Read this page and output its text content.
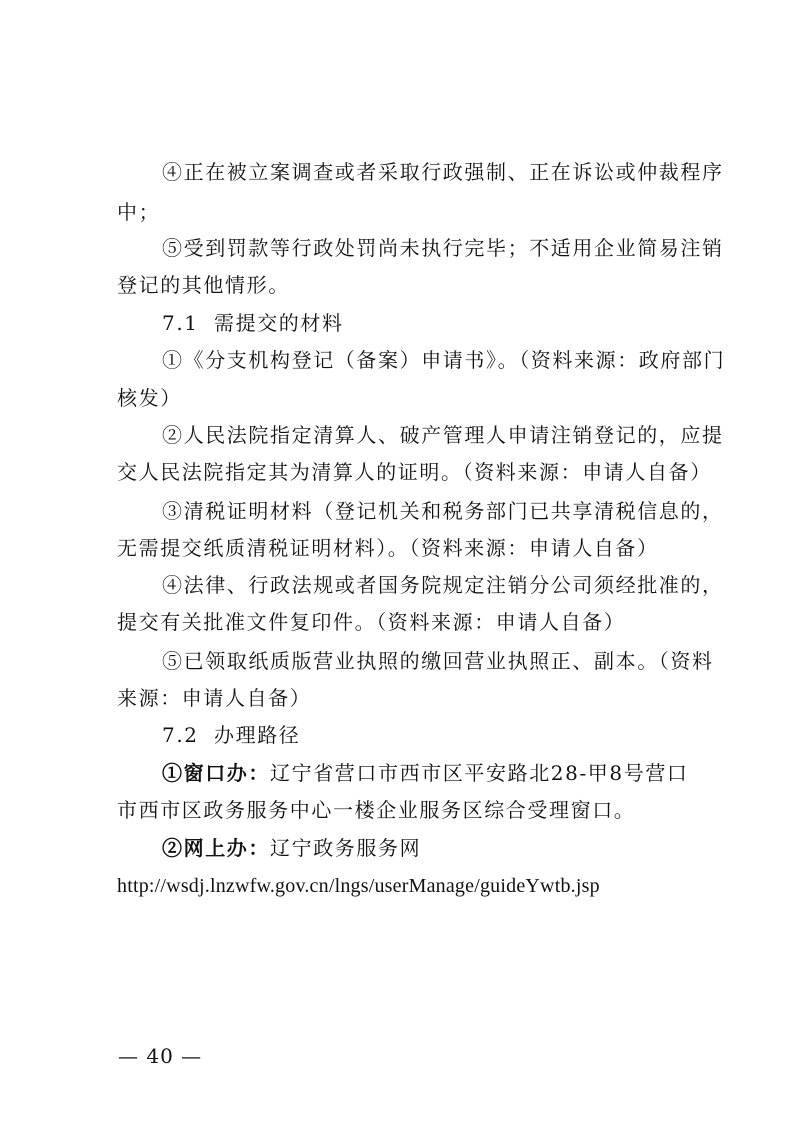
④正在被立案调查或者采取行政强制、正在诉讼或仲裁程序
中；
⑤受到罚款等行政处罚尚未执行完毕；不适用企业简易注销
登记的其他情形。
7.1 需提交的材料
①《分支机构登记（备案）申请书》。（资料来源：政府部门
核发）
②人民法院指定清算人、破产管理人申请注销登记的，应提
交人民法院指定其为清算人的证明。（资料来源：申请人自备）
③清税证明材料（登记机关和税务部门已共享清税信息的，
无需提交纸质清税证明材料）。（资料来源：申请人自备）
④法律、行政法规或者国务院规定注销分公司须经批准的，
提交有关批准文件复印件。（资料来源：申请人自备）
⑤已领取纸质版营业执照的缴回营业执照正、副本。（资料
来源：申请人自备）
7.2 办理路径
①窗口办：辽宁省营口市西市区平安路北28-甲8号营口
市西市区政务服务中心一楼企业服务区综合受理窗口。
②网上办：辽宁政务服务网
http://wsdj.lnzwfw.gov.cn/lngs/userManage/guideYwtb.jsp
— 40 —
